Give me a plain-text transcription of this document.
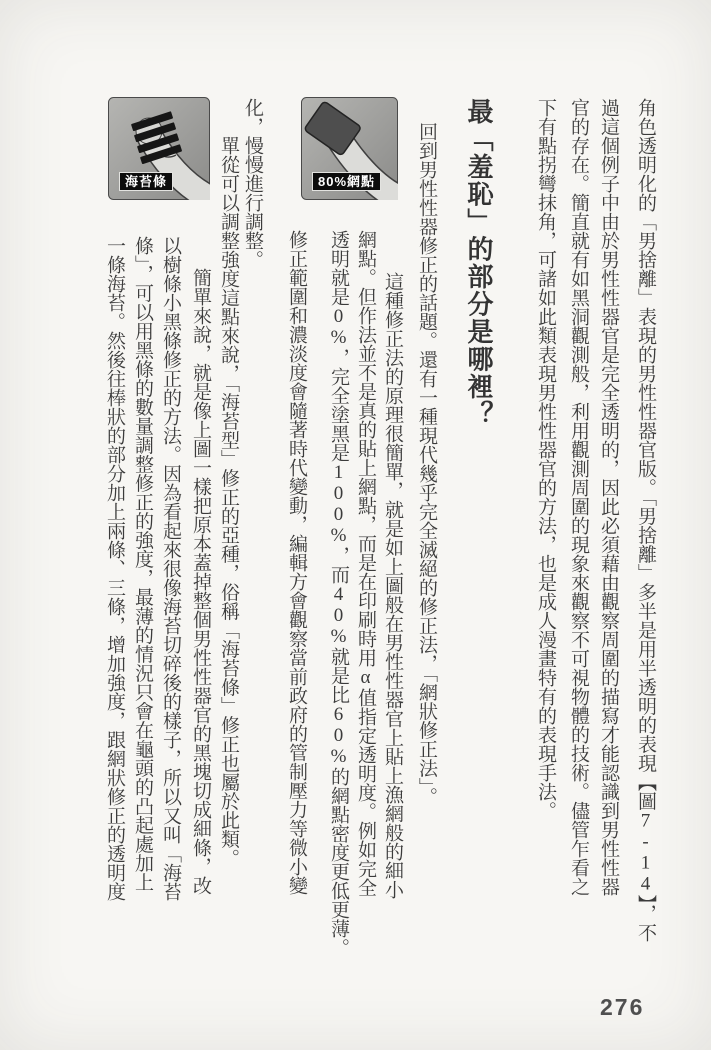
角色透明化的「男捨離」表現的男性性器官版。「男捨離」多半是用半透明的表現【圖7-14】，不
過這個例子中由於男性性器官是完全透明的，因此必須藉由觀察周圍的描寫才能認識到男性性器
官的存在。簡直就有如黑洞觀測般，利用觀測周圍的現象來觀察不可視物體的技術。儘管乍看之
下有點拐彎抹角，可諸如此類表現男性性器官的方法，也是成人漫畫特有的表現手法。
最「羞恥」的部分是哪裡？
回到男性性器修正的話題。還有一種現代幾乎完全滅絕的修正法，「網狀修正法」。
這種修正法的原理很簡單，就是如上圖般在男性性器官上貼上漁網般的細小
網點。但作法並不是真的貼上網點，而是在印刷時用α值指定透明度。例如完全
透明就是0%，完全塗黑是100%，而40%就是比60%的網點密度更低更薄。
修正範圍和濃淡度會隨著時代變動，編輯方會觀察當前政府的管制壓力等微小變
化，慢慢進行調整。
單從可以調整強度這點來說，「海苔型」修正的亞種，俗稱「海苔條」修正也屬於此類。
簡單來說，就是像上圖一樣把原本蓋掉整個男性性器官的黑塊切成細條，改
以樹條小黑條修正的方法。因為看起來很像海苔切碎後的樣子，所以又叫「海苔
條」，可以用黑條的數量調整修正的強度，最薄的情況只會在龜頭的凸起處加上
一條海苔。然後往棒狀的部分加上兩條、三條，增加強度，跟網狀修正的透明度
海苔條	80%網點
276
